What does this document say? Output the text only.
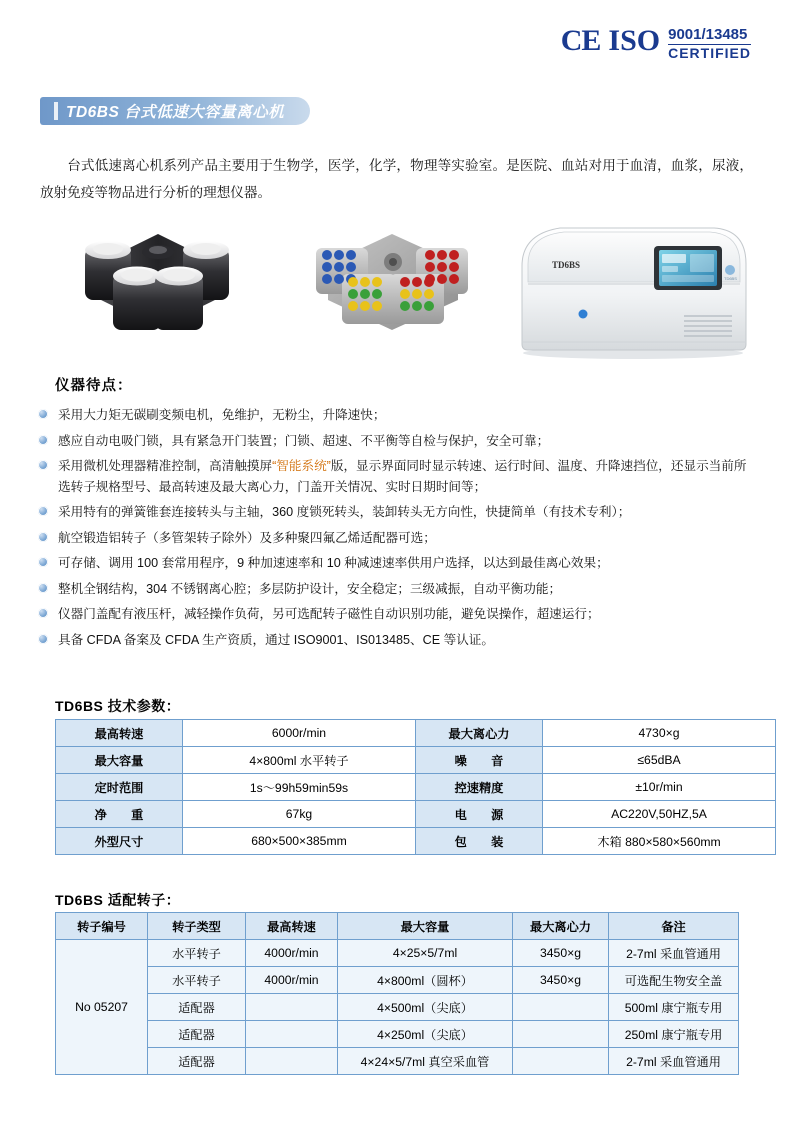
CE ISO 9001/13485
CERTIFIED
TD6BS 台式低速大容量离心机

台式低速离心机系列产品主要用于生物学，医学，化学，物理等实验室。是医院、血站对用于血清，血浆，尿液，放射免疫等物品进行分析的理想仪器。

TD6BS
TD6BS
仪器待点：
采用大力矩无碳刷变频电机，免维护，无粉尘，升降速快；
感应自动电吸门锁，具有紧急开门装置；门锁、超速、不平衡等自检与保护，安全可靠；
采用微机处理器精准控制，高清触摸屏“智能系统”版，显示界面同时显示转速、运行时间、温度、升降速挡位，还显示当前所选转子规格型号、最高转速及最大离心力，门盖开关情况、实时日期时间等；
采用特有的弹簧锥套连接转头与主轴，360 度锁死转头，装卸转头无方向性，快捷简单（有技术专利）；
航空锻造铝转子（多管架转子除外）及多种聚四氟乙烯适配器可选；
可存储、调用 100 套常用程序，9 种加速速率和 10 种减速速率供用户选择，以达到最佳离心效果；
整机全钢结构，304 不锈钢离心腔；多层防护设计，安全稳定；三级减振，自动平衡功能；
仪器门盖配有液压杆，减轻操作负荷，另可选配转子磁性自动识别功能，避免误操作，超速运行；
具备 CFDA 备案及 CFDA 生产资质，通过 ISO9001、IS013485、CE 等认证。
TD6BS 技术参数：
最高转速	6000r/min	最大离心力	4730×g
最大容量	4×800ml 水平转子	噪　　音	≤65dBA
定时范围	1s～99h59min59s	控速精度	±10r/min
净　　重	67kg	电　　源	AC220V,50HZ,5A
外型尺寸	680×500×385mm	包　　装	木箱 880×580×560mm
TD6BS 适配转子：
转子编号	转子类型	最高转速	最大容量	最大离心力	备注
No 05207	水平转子	4000r/min	4×25×5/7ml	3450×g	2-7ml 采血管通用
	水平转子	4000r/min	4×800ml（圆杯）	3450×g	可选配生物安全盖
	适配器		4×500ml（尖底）		500ml 康宁瓶专用
	适配器		4×250ml（尖底）		250ml 康宁瓶专用
	适配器		4×24×5/7ml 真空采血管		2-7ml 采血管通用
